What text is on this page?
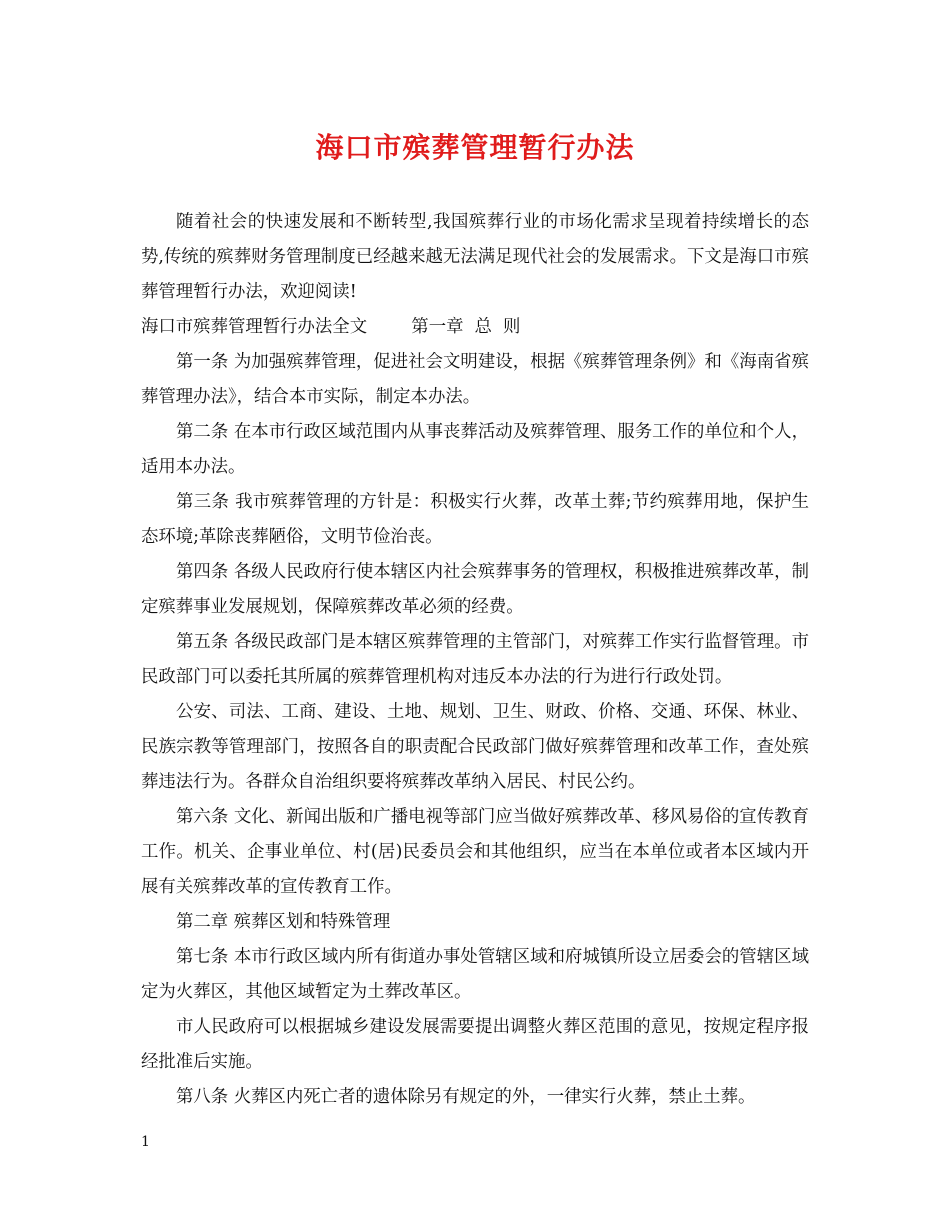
海口市殡葬管理暂行办法

随着社会的快速发展和不断转型,我国殡葬行业的市场化需求呈现着持续增长的态势,传统的殡葬财务管理制度已经越来越无法满足现代社会的发展需求。下文是海口市殡葬管理暂行办法，欢迎阅读!

海口市殡葬管理暂行办法全文        第一章  总  则

第一条 为加强殡葬管理，促进社会文明建设，根据《殡葬管理条例》和《海南省殡葬管理办法》，结合本市实际，制定本办法。

第二条 在本市行政区域范围内从事丧葬活动及殡葬管理、服务工作的单位和个人，适用本办法。

第三条 我市殡葬管理的方针是：积极实行火葬，改革土葬;节约殡葬用地，保护生态环境;革除丧葬陋俗，文明节俭治丧。

第四条 各级人民政府行使本辖区内社会殡葬事务的管理权，积极推进殡葬改革，制定殡葬事业发展规划，保障殡葬改革必须的经费。

第五条 各级民政部门是本辖区殡葬管理的主管部门，对殡葬工作实行监督管理。市民政部门可以委托其所属的殡葬管理机构对违反本办法的行为进行行政处罚。

公安、司法、工商、建设、土地、规划、卫生、财政、价格、交通、环保、林业、民族宗教等管理部门，按照各自的职责配合民政部门做好殡葬管理和改革工作，查处殡葬违法行为。各群众自治组织要将殡葬改革纳入居民、村民公约。

第六条 文化、新闻出版和广播电视等部门应当做好殡葬改革、移风易俗的宣传教育工作。机关、企事业单位、村(居)民委员会和其他组织，应当在本单位或者本区域内开展有关殡葬改革的宣传教育工作。

第二章 殡葬区划和特殊管理

第七条 本市行政区域内所有街道办事处管辖区域和府城镇所设立居委会的管辖区域定为火葬区，其他区域暂定为土葬改革区。

市人民政府可以根据城乡建设发展需要提出调整火葬区范围的意见，按规定程序报经批准后实施。

第八条 火葬区内死亡者的遗体除另有规定的外，一律实行火葬，禁止土葬。

1
